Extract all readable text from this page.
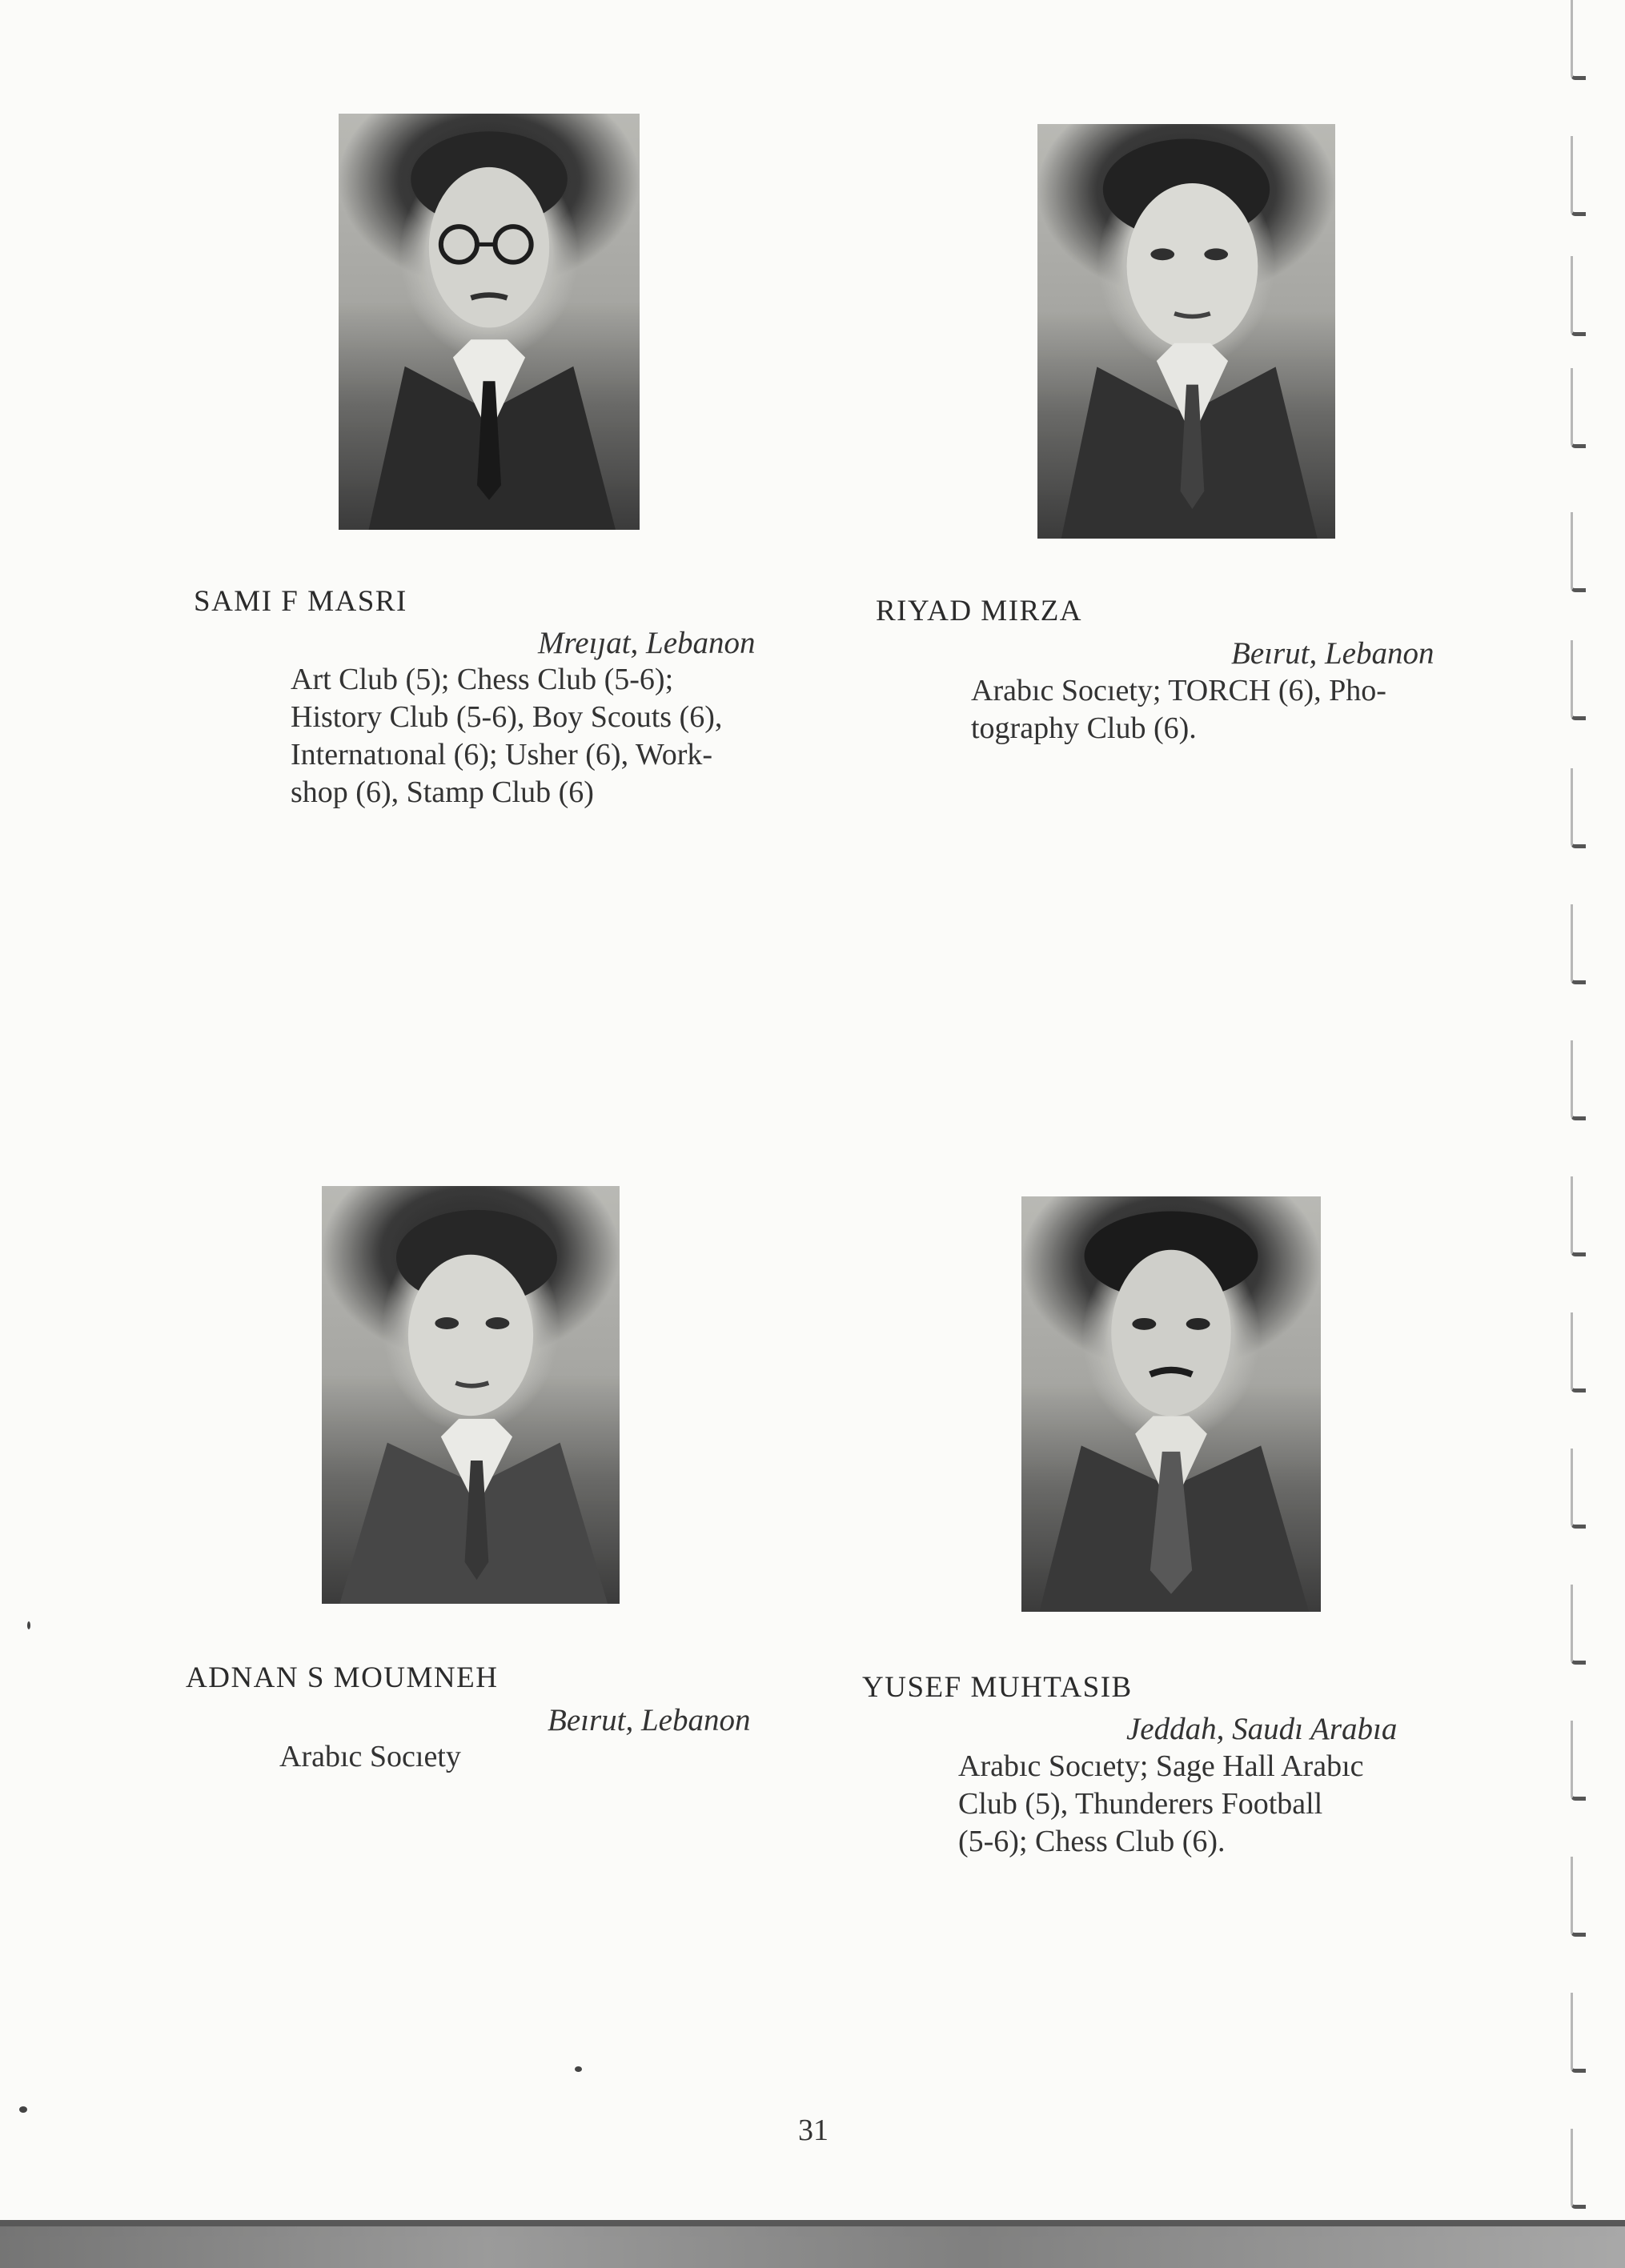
SAMI F MASRI
Mreıȷat, Lebanon
Art Club (5); Chess Club (5-6);
History Club (5-6), Boy Scouts (6),
Internatıonal (6); Usher (6), Work-
shop (6), Stamp Club (6)
RIYAD MIRZA
Beırut, Lebanon
Arabıc Socıety; TORCH (6), Pho-
tography Club (6).
ADNAN S MOUMNEH
Beırut, Lebanon
Arabıc Socıety
YUSEF MUHTASIB
Jeddah, Saudı Arabıa
Arabıc Socıety; Sage Hall Arabıc
Club (5), Thunderers Football
(5-6); Chess Club (6).
31
